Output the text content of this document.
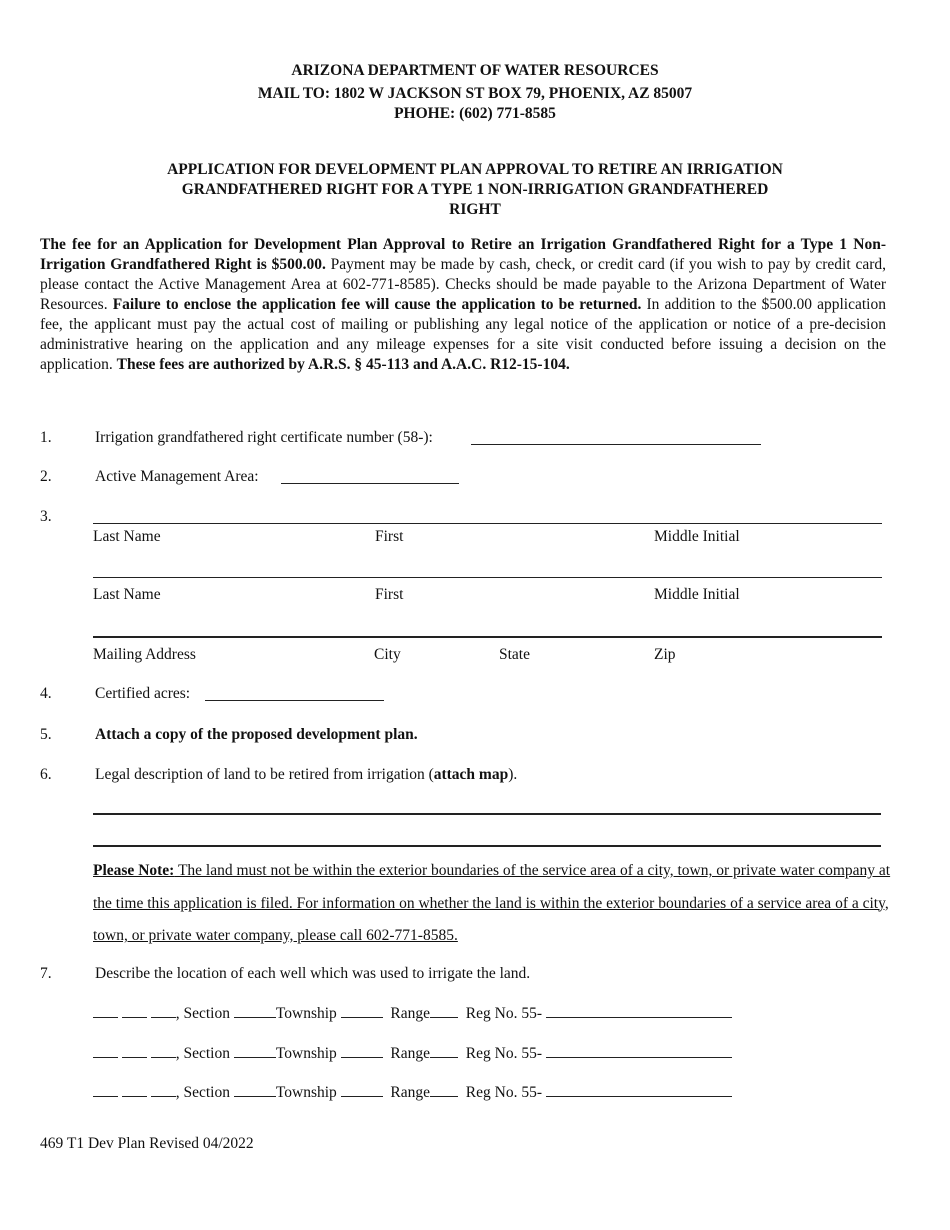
ARIZONA DEPARTMENT OF WATER RESOURCES
MAIL TO: 1802 W JACKSON ST BOX 79, PHOENIX, AZ 85007
PHOHE: (602) 771-8585
APPLICATION FOR DEVELOPMENT PLAN APPROVAL TO RETIRE AN IRRIGATION
GRANDFATHERED RIGHT FOR A TYPE 1 NON-IRRIGATION GRANDFATHERED
RIGHT
The fee for an Application for Development Plan Approval to Retire an Irrigation Grandfathered Right for a Type 1 Non-Irrigation Grandfathered Right is $500.00. Payment may be made by cash, check, or credit card (if you wish to pay by credit card, please contact the Active Management Area at 602-771-8585). Checks should be made payable to the Arizona Department of Water Resources. Failure to enclose the application fee will cause the application to be returned. In addition to the $500.00 application fee, the applicant must pay the actual cost of mailing or publishing any legal notice of the application or notice of a pre-decision administrative hearing on the application and any mileage expenses for a site visit conducted before issuing a decision on the application. These fees are authorized by A.R.S. § 45-113 and A.A.C. R12-15-104.
1.	Irrigation grandfathered right certificate number (58-):
2.	Active Management Area:
3.
Last Name	First	Middle Initial
Last Name	First	Middle Initial
Mailing Address	City	State	Zip
4.	Certified acres:
5.	Attach a copy of the proposed development plan.
6.	Legal description of land to be retired from irrigation (attach map).
Please Note: The land must not be within the exterior boundaries of the service area of a city, town, or private water company at the time this application is filed. For information on whether the land is within the exterior boundaries of a service area of a city, town, or private water company, please call 602-771-8585.
7.	Describe the location of each well which was used to irrigate the land.
, Section	Township	Range Reg No. 55-
, Section	Township	Range Reg No. 55-
, Section	Township	Range Reg No. 55-
469 T1 Dev Plan Revised 04/2022
